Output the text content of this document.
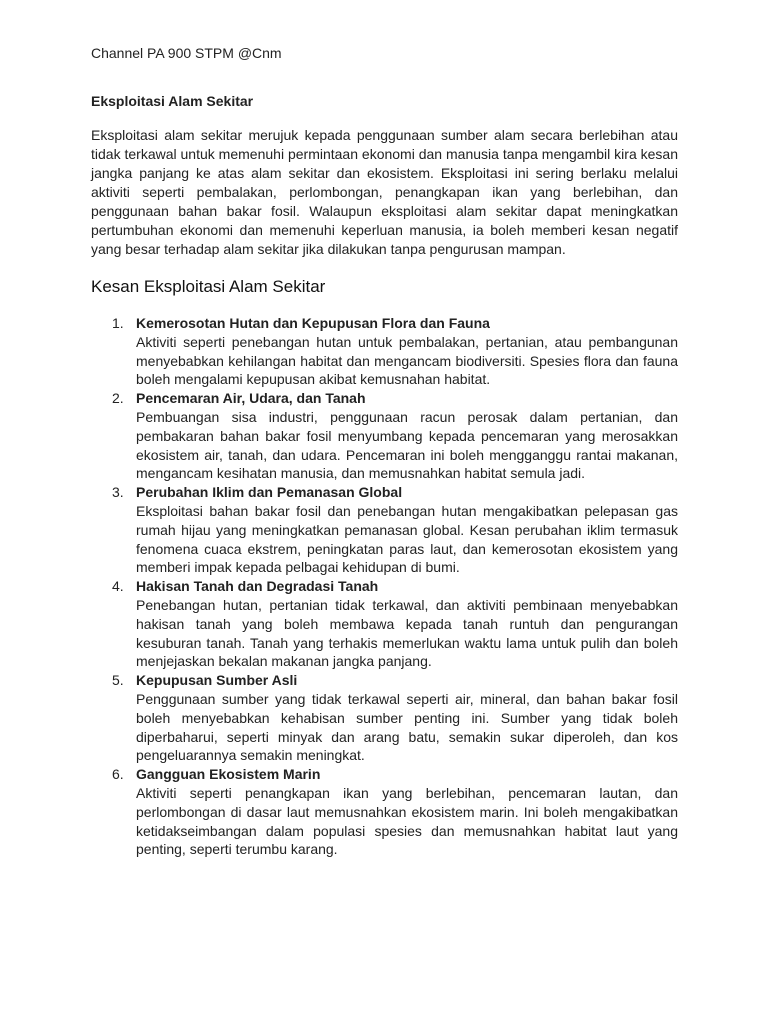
Channel PA 900 STPM @Cnm
Eksploitasi Alam Sekitar

Eksploitasi alam sekitar merujuk kepada penggunaan sumber alam secara berlebihan atau tidak terkawal untuk memenuhi permintaan ekonomi dan manusia tanpa mengambil kira kesan jangka panjang ke atas alam sekitar dan ekosistem. Eksploitasi ini sering berlaku melalui aktiviti seperti pembalakan, perlombongan, penangkapan ikan yang berlebihan, dan penggunaan bahan bakar fosil. Walaupun eksploitasi alam sekitar dapat meningkatkan pertumbuhan ekonomi dan memenuhi keperluan manusia, ia boleh memberi kesan negatif yang besar terhadap alam sekitar jika dilakukan tanpa pengurusan mampan.

Kesan Eksploitasi Alam Sekitar
1. Kemerosotan Hutan dan Kepupusan Flora dan Fauna
Aktiviti seperti penebangan hutan untuk pembalakan, pertanian, atau pembangunan menyebabkan kehilangan habitat dan mengancam biodiversiti. Spesies flora dan fauna boleh mengalami kepupusan akibat kemusnahan habitat.
2. Pencemaran Air, Udara, dan Tanah
Pembuangan sisa industri, penggunaan racun perosak dalam pertanian, dan pembakaran bahan bakar fosil menyumbang kepada pencemaran yang merosakkan ekosistem air, tanah, dan udara. Pencemaran ini boleh mengganggu rantai makanan, mengancam kesihatan manusia, dan memusnahkan habitat semula jadi.
3. Perubahan Iklim dan Pemanasan Global
Eksploitasi bahan bakar fosil dan penebangan hutan mengakibatkan pelepasan gas rumah hijau yang meningkatkan pemanasan global. Kesan perubahan iklim termasuk fenomena cuaca ekstrem, peningkatan paras laut, dan kemerosotan ekosistem yang memberi impak kepada pelbagai kehidupan di bumi.
4. Hakisan Tanah dan Degradasi Tanah
Penebangan hutan, pertanian tidak terkawal, dan aktiviti pembinaan menyebabkan hakisan tanah yang boleh membawa kepada tanah runtuh dan pengurangan kesuburan tanah. Tanah yang terhakis memerlukan waktu lama untuk pulih dan boleh menjejaskan bekalan makanan jangka panjang.
5. Kepupusan Sumber Asli
Penggunaan sumber yang tidak terkawal seperti air, mineral, dan bahan bakar fosil boleh menyebabkan kehabisan sumber penting ini. Sumber yang tidak boleh diperbaharui, seperti minyak dan arang batu, semakin sukar diperoleh, dan kos pengeluarannya semakin meningkat.
6. Gangguan Ekosistem Marin
Aktiviti seperti penangkapan ikan yang berlebihan, pencemaran lautan, dan perlombongan di dasar laut memusnahkan ekosistem marin. Ini boleh mengakibatkan ketidakseimbangan dalam populasi spesies dan memusnahkan habitat laut yang penting, seperti terumbu karang.
